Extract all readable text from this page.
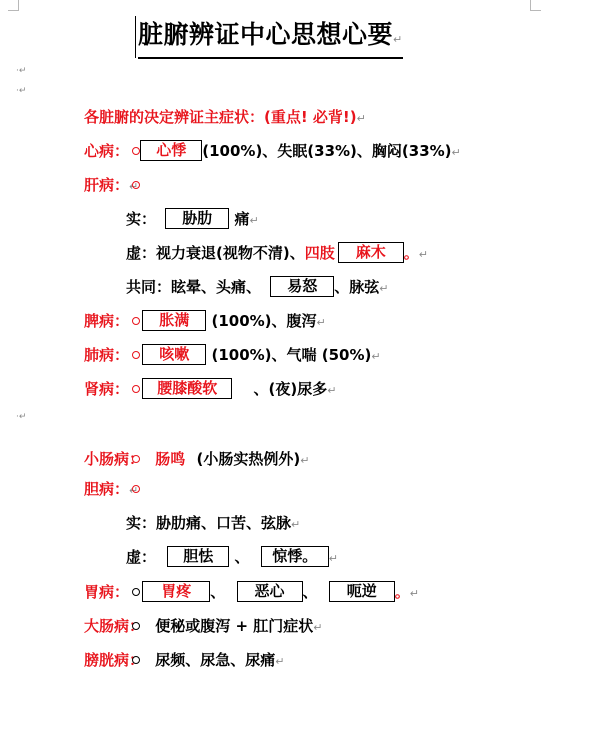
脏腑辨证中心思想心要↵
·↵
·↵
各脏腑的决定辨证主症状：(重点! 必背!)↵
心病： 心悸 (100%)、失眠(33%)、胸闷(33%)↵
肝病：↵
实： 胁肋 痛↵
虚：视力衰退(视物不清)、四肢 麻木 。↵
共同：眩晕、头痛、 易怒 、脉弦↵
脾病： 胀满 (100%)、腹泻↵
肺病： 咳嗽 (100%)、气喘 (50%)↵
肾病： 腰膝酸软 、(夜)尿多↵
·↵
小肠病： 肠鸣 (小肠实热例外)↵
胆病：↵
实：胁肋痛、口苦、弦脉↵
虚： 胆怯 、 惊悸。 ↵
胃病： 胃疼 、 恶心 、 呃逆 。↵
大肠病： 便秘或腹泻 + 肛门症状↵
膀胱病： 尿频、尿急、尿痛↵
